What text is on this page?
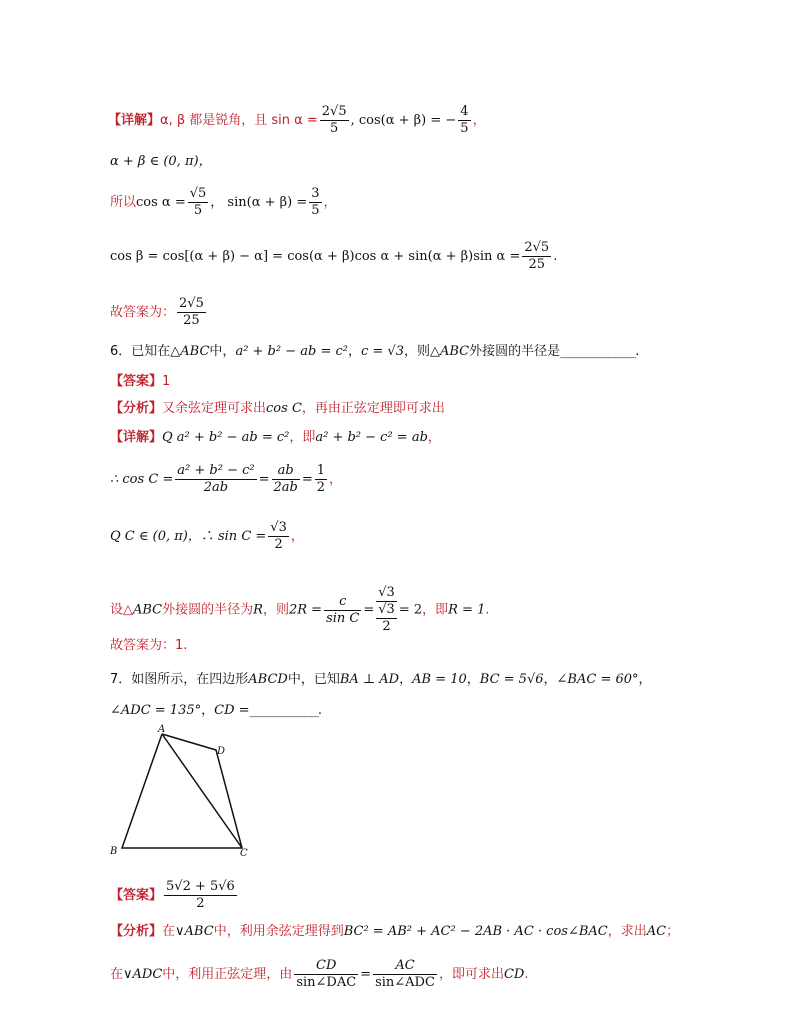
【详解】α, β 都是锐角，且 $\sin \alpha = \frac{2√5}{5}$ , cos(α + β) = − $\frac{4}{5}$ ，
α + β ∈ (0, π)，
所以$\cos \alpha = \frac{√5}{5}$ ， $\sin(\alpha + \beta) = \frac{3}{5}$ ，
cos β = cos[(α + β) − α] = cos(α + β)cos α + sin(α + β)sin $\alpha = \frac{2√5}{25}$ .
故答案为： $\frac{2√5}{25}$
6．已知在△ABC中，a² + b² − ab = c²，c = √3，则△ABC外接圆的半径是___________.
【答案】1
【分析】又余弦定理可求出cos C，再由正弦定理即可求出
【详解】Q a² + b² − ab = c²，即a² + b² − c² = ab，
∴ $\cos C = \frac{\text{a² + b² − c²}}{2ab} = \frac{ab}{2ab} = \frac{1}{2}$ ，
Q C ∈ (0, π)，∴ $\sin C = \frac{√3}{2}$ ，
设△ABC外接圆的半径为R，则$2R = \frac{c}{\text{sin C}}$ =
√3
√3
2
= 2，即R = 1.
故答案为：1.
7．如图所示，在四边形ABCD中，已知BA ⊥ AD，AB = 10，BC = 5√6，∠BAC = 60°，
∠ADC = 135°，CD =__________.
A
B	C
D
【答案】 $\frac{5√2 + 5√6}{2}$
【分析】在∨ABC中，利用余弦定理得到BC² = AB² + AC² − 2AB · AC · cos∠BAC，求出AC；
在∨ADC中，利用正弦定理，由 $\frac{CD}{\text{sin∠DAC}} = \frac{AC}{\text{sin∠ADC}}$ ，即可求出CD.
